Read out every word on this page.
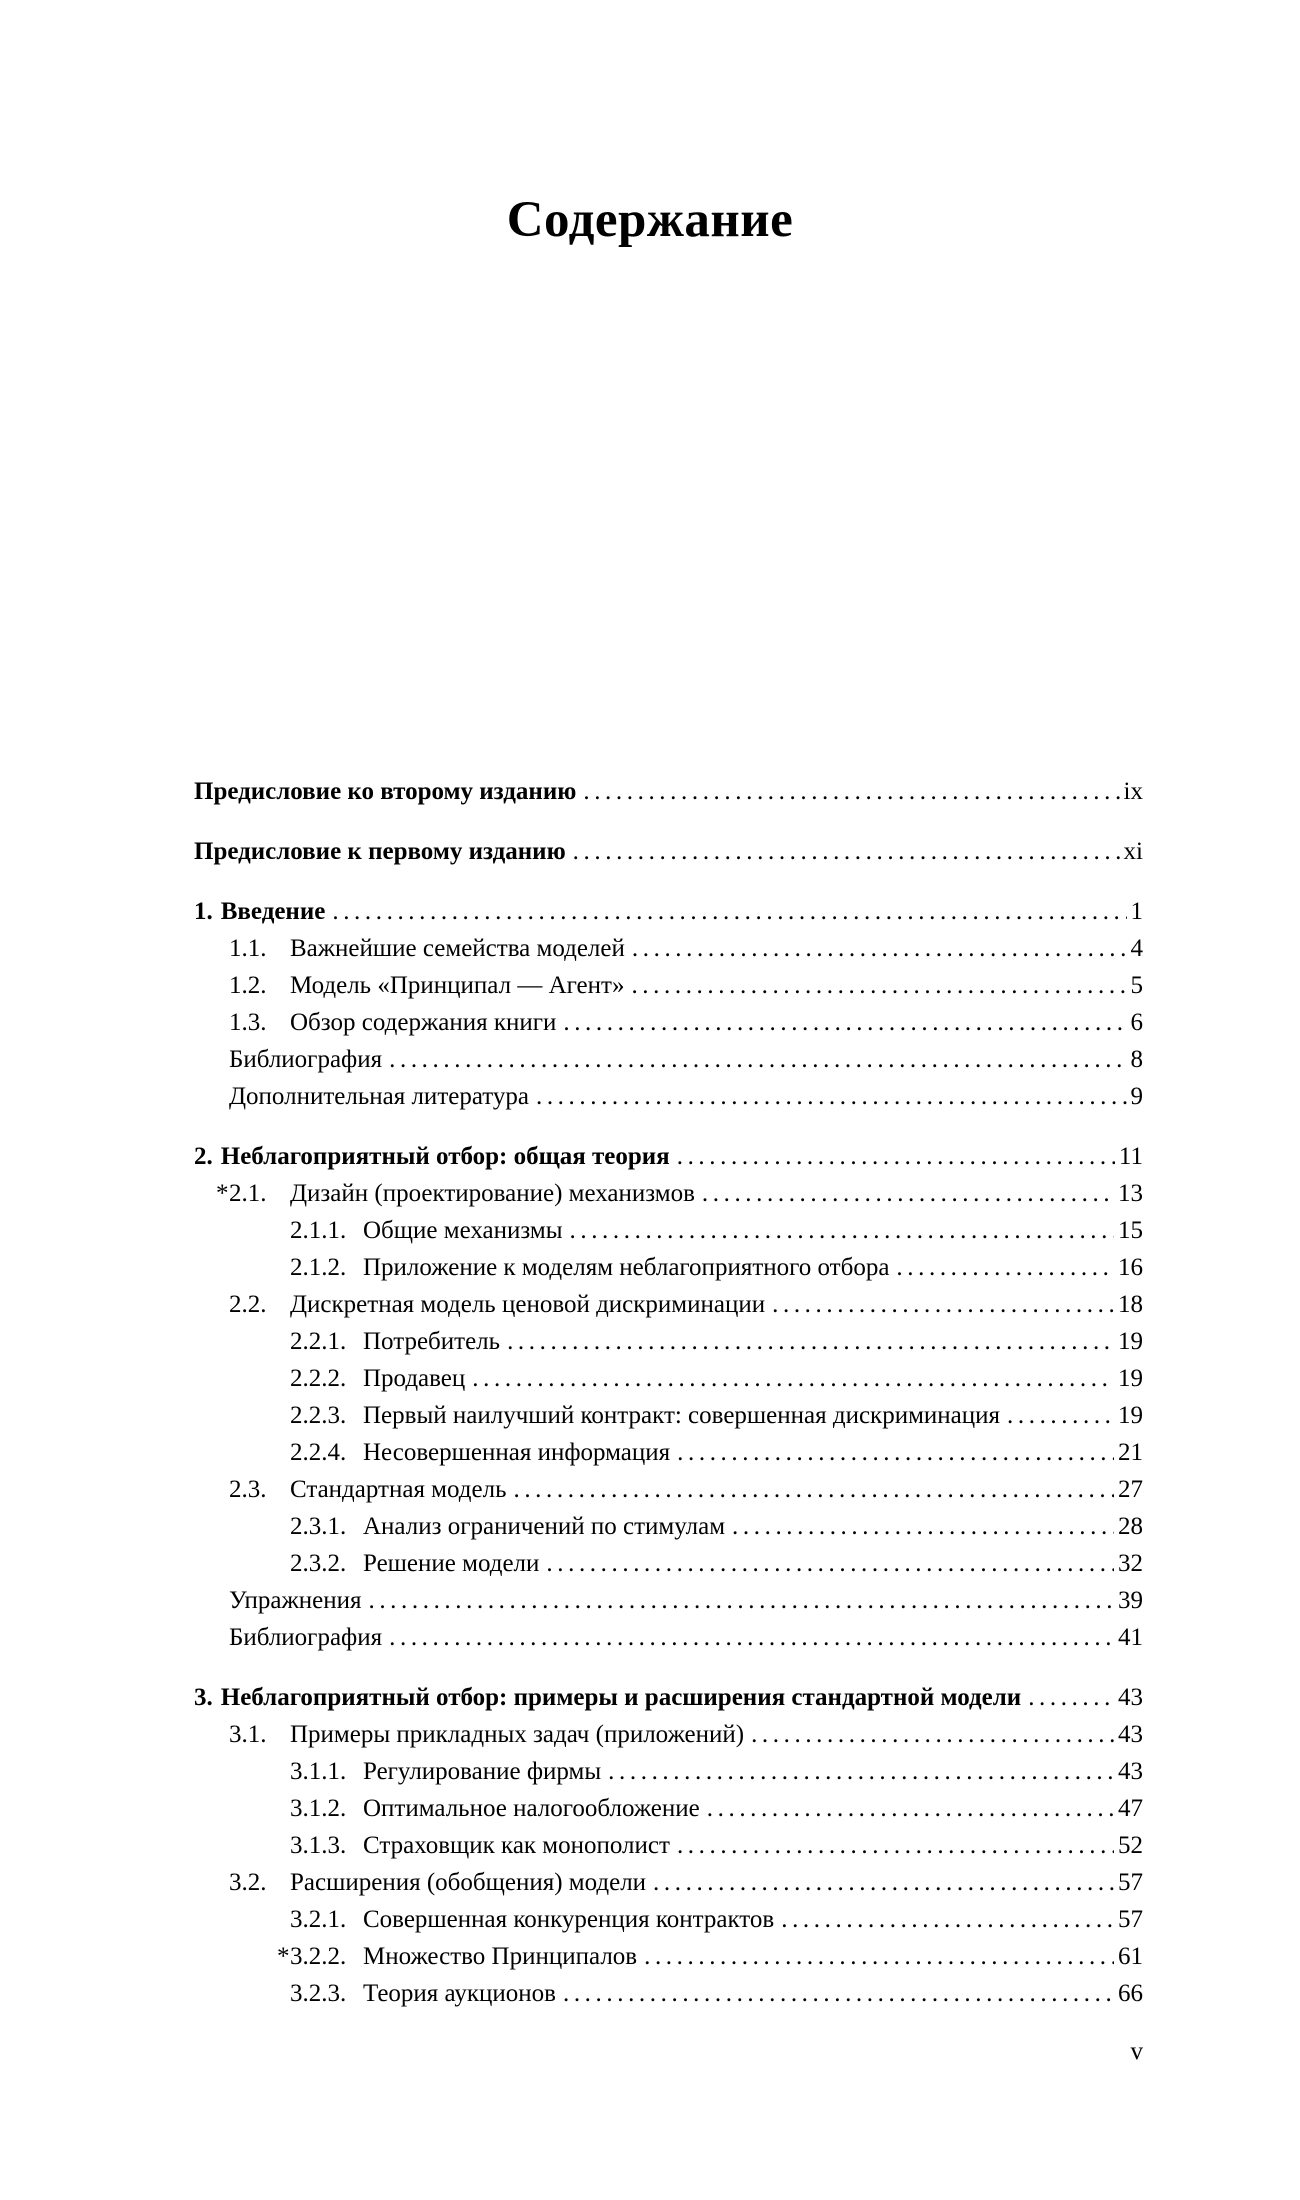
Содержание
Предисловие ко второму изданию .....	ix
Предисловие к первому изданию .....	xi
1. Введение .....	1
1.1. Важнейшие семейства моделей .....	4
1.2. Модель «Принципал — Агент» .....	5
1.3. Обзор содержания книги .....	6
Библиография .....	8
Дополнительная литература .....	9
2. Неблагоприятный отбор: общая теория .....	11
* 2.1. Дизайн (проектирование) механизмов .....	13
2.1.1. Общие механизмы .....	15
2.1.2. Приложение к моделям неблагоприятного отбора .....	16
2.2. Дискретная модель ценовой дискриминации .....	18
2.2.1. Потребитель .....	19
2.2.2. Продавец .....	19
2.2.3. Первый наилучший контракт: совершенная дискриминация .....	19
2.2.4. Несовершенная информация .....	21
2.3. Стандартная модель .....	27
2.3.1. Анализ ограничений по стимулам .....	28
2.3.2. Решение модели .....	32
Упражнения .....	39
Библиография .....	41
3. Неблагоприятный отбор: примеры и расширения стандартной модели .....	43
3.1. Примеры прикладных задач (приложений) .....	43
3.1.1. Регулирование фирмы .....	43
3.1.2. Оптимальное налогообложение .....	47
3.1.3. Страховщик как монополист .....	52
3.2. Расширения (обобщения) модели .....	57
3.2.1. Совершенная конкуренция контрактов .....	57
* 3.2.2. Множество Принципалов .....	61
3.2.3. Теория аукционов .....	66
v
